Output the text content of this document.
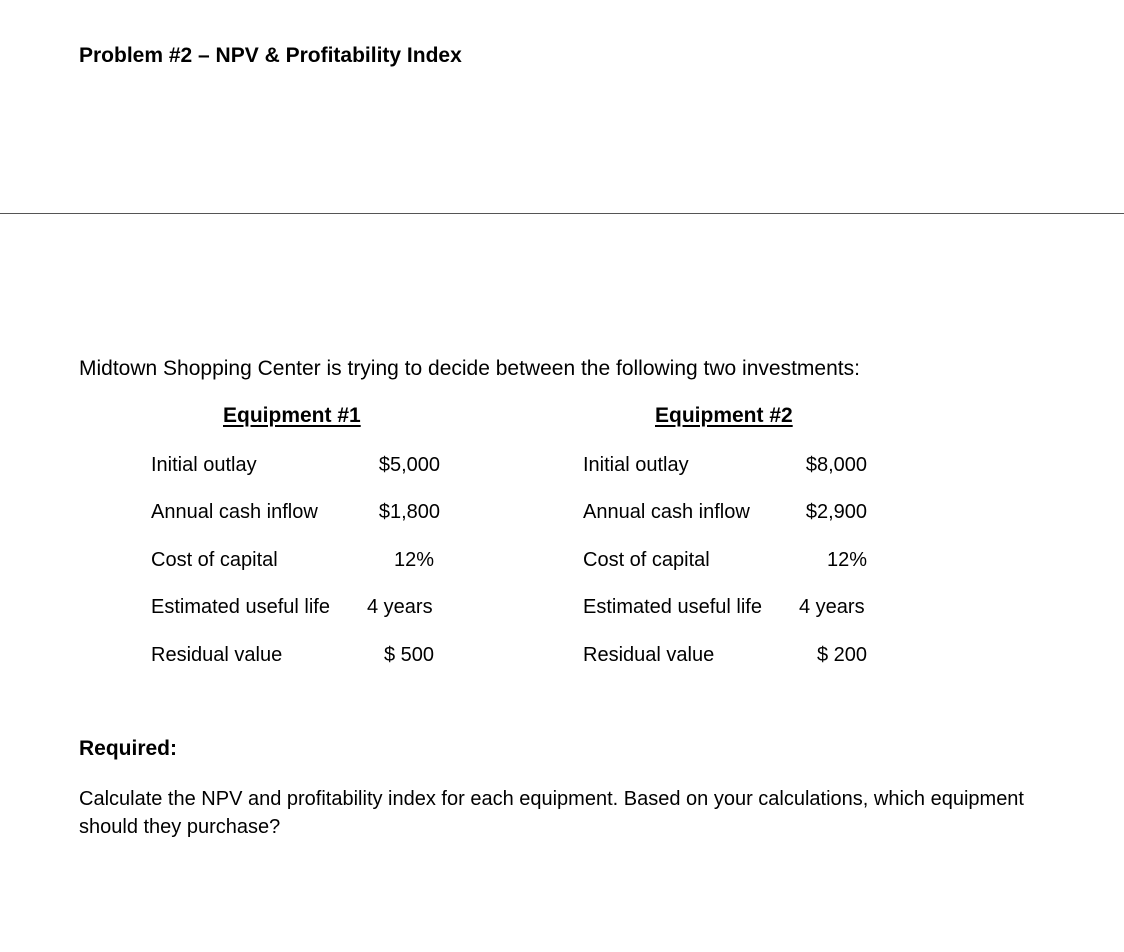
Problem #2 – NPV & Profitability Index
Midtown Shopping Center is trying to decide between the following two investments:
Equipment #1
Initial outlay	$5,000
Annual cash inflow	$1,800
Cost of capital	12%
Estimated useful life 4 years
Residual value	$ 500
Equipment #2
Initial outlay	$8,000
Annual cash inflow	$2,900
Cost of capital	12%
Estimated useful life 4 years
Residual value	$ 200
Required:
Calculate the NPV and profitability index for each equipment. Based on your calculations, which equipment should they purchase?
